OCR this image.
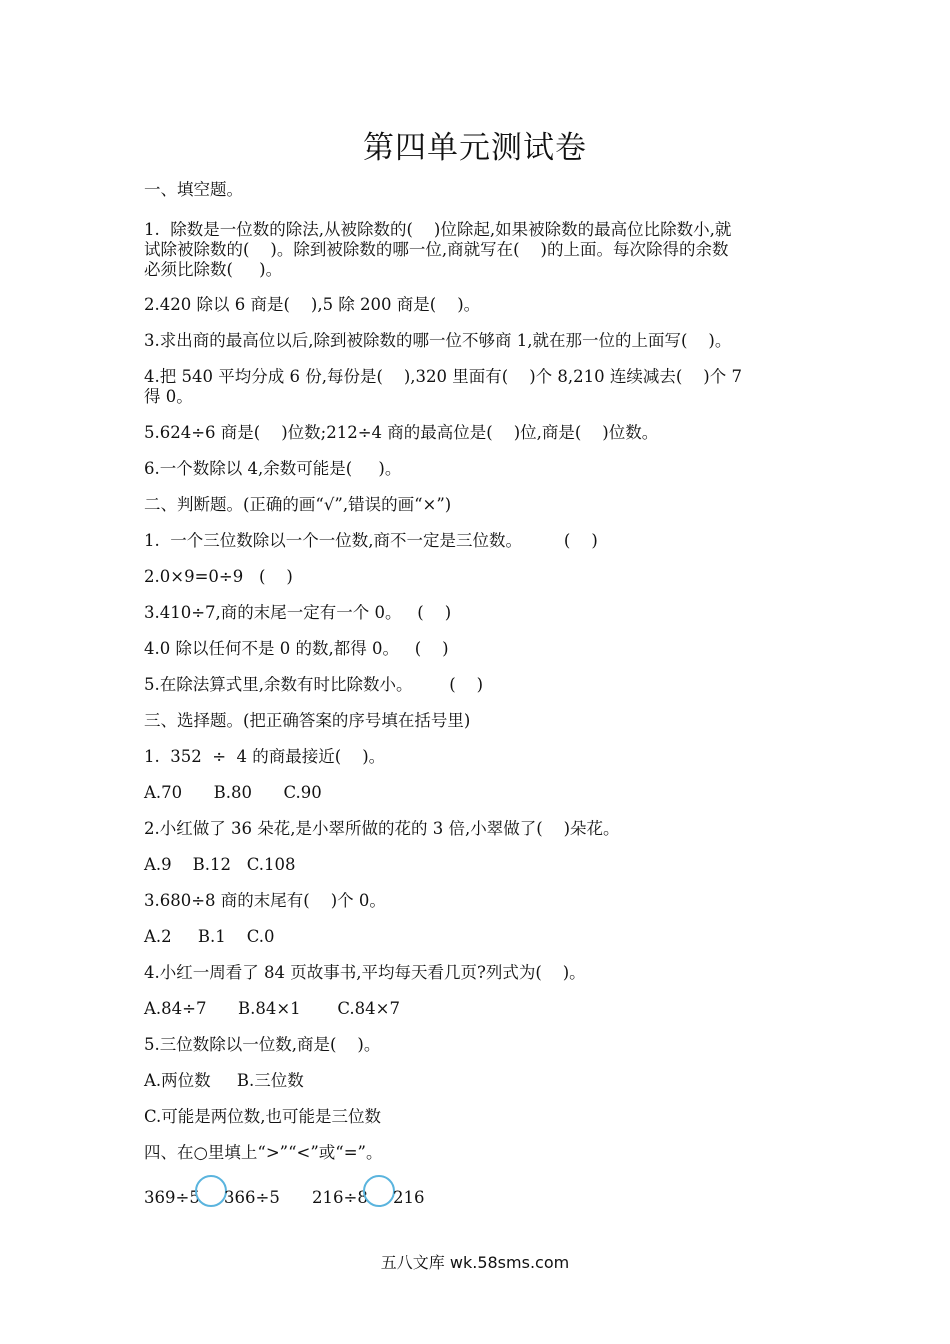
第四单元测试卷
一、填空题。
1.  除数是一位数的除法,从被除数的(    )位除起,如果被除数的最高位比除数小,就
试除被除数的(    )。除到被除数的哪一位,商就写在(    )的上面。每次除得的余数
必须比除数(     )。
2.420 除以 6 商是(    ),5 除 200 商是(    )。
3.求出商的最高位以后,除到被除数的哪一位不够商 1,就在那一位的上面写(    )。
4.把 540 平均分成 6 份,每份是(    ),320 里面有(    )个 8,210 连续减去(    )个 7
得 0。
5.624÷6 商是(    )位数;212÷4 商的最高位是(    )位,商是(    )位数。
6.一个数除以 4,余数可能是(     )。
二、判断题。(正确的画“√”,错误的画“×”)
1.  一个三位数除以一个一位数,商不一定是三位数。        (    )
2.0×9=0÷9   (    )
3.410÷7,商的末尾一定有一个 0。   (    )
4.0 除以任何不是 0 的数,都得 0。   (    )
5.在除法算式里,余数有时比除数小。       (    )
三、选择题。(把正确答案的序号填在括号里)
1.  352  ÷  4 的商最接近(    )。
A.70      B.80      C.90
2.小红做了 36 朵花,是小翠所做的花的 3 倍,小翠做了(    )朵花。
A.9    B.12   C.108
3.680÷8 商的末尾有(    )个 0。
A.2     B.1    C.0
4.小红一周看了 84 页故事书,平均每天看几页?列式为(    )。
A.84÷7      B.84×1       C.84×7
5.三位数除以一位数,商是(    )。
A.两位数     B.三位数
C.可能是两位数,也可能是三位数
四、在○里填上“>”“<”或“=”。
369÷5 366÷5 216÷8 216
五八文库 wk.58sms.com
